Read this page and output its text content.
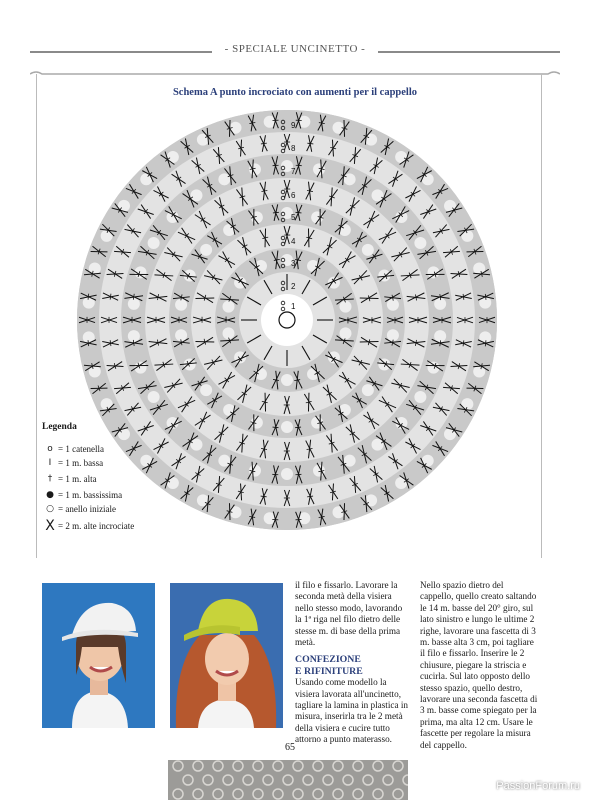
- SPECIALE UNCINETTO -
Schema A punto incrociato con aumenti per il cappello
1
2
3
4
5
6
7
8
9
Legenda
o = 1 catenella
I = 1 m. bassa
† = 1 m. alta
● = 1 m. bassissima
○ = anello iniziale
X = 2 m. alte incrociate
il filo e fissarlo. Lavorare la seconda metà della visiera nello stesso modo, lavorando la 1ª riga nel filo dietro delle stesse m. di base della prima metà.
CONFEZIONE
E RIFINITURE
Usando come modello la visiera lavorata all'uncinetto, tagliare la lamina in plastica in misura, inserirla tra le 2 metà della visiera e cucire tutto attorno a punto materasso.
Nello spazio dietro del cappello, quello creato saltando le 14 m. basse del 20° giro, sul lato sinistro e lungo le ultime 2 righe, lavorare una fascetta di 3 m. basse alta 3 cm, poi tagliare il filo e fissarlo. Inserire le 2 chiusure, piegare la striscia e cucirla. Sul lato opposto dello stesso spazio, quello destro, lavorare una seconda fascetta di 3 m. basse come spiegato per la prima, ma alta 12 cm. Usare le fascette per regolare la misura del cappello.
65
PassionForum.ru
